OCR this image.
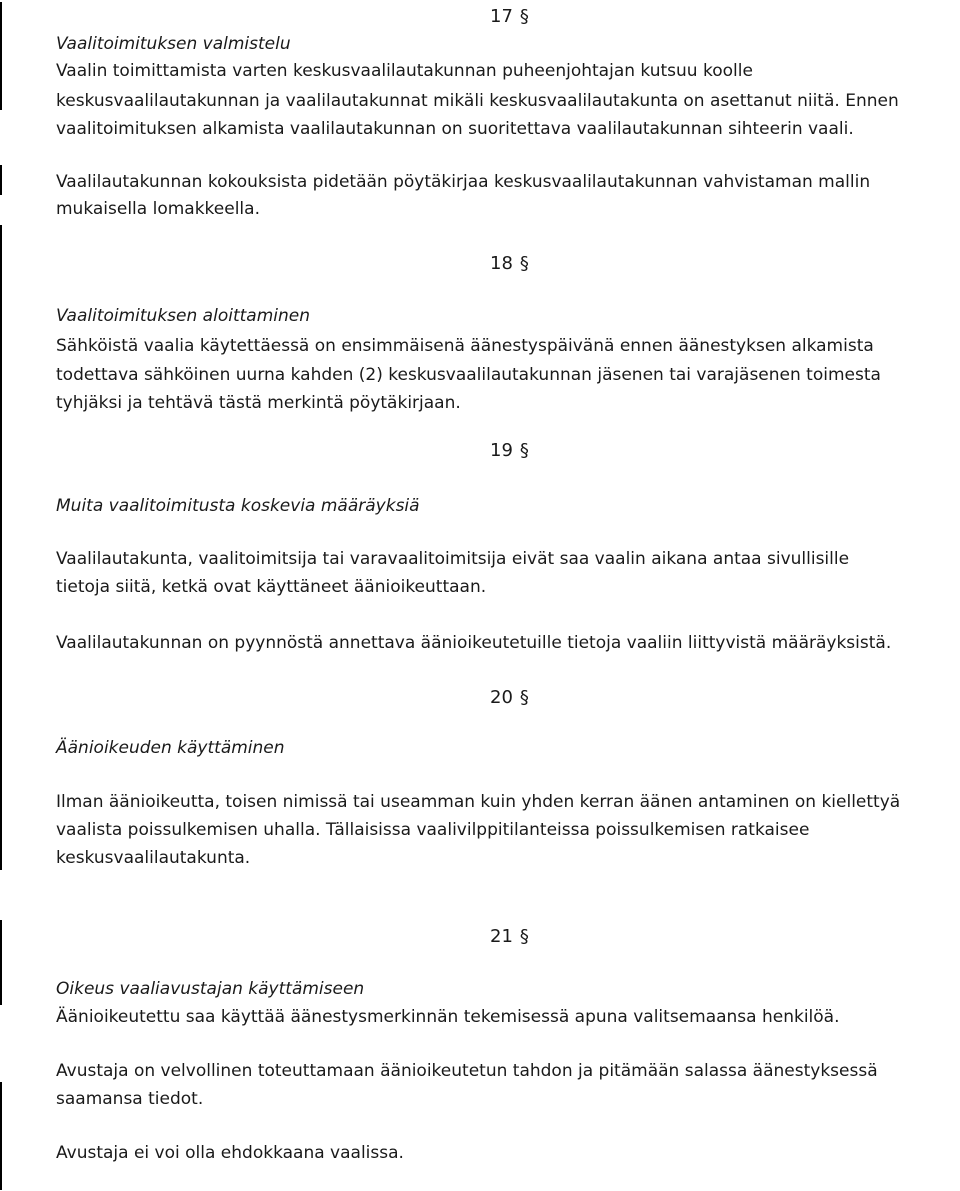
17 §
Vaalitoimituksen valmistelu
Vaalin toimittamista varten keskusvaalilautakunnan puheenjohtajan kutsuu koolle
keskusvaalilautakunnan ja vaalilautakunnat mikäli keskusvaalilautakunta on asettanut niitä. Ennen
vaalitoimituksen alkamista vaalilautakunnan on suoritettava vaalilautakunnan sihteerin vaali.
Vaalilautakunnan kokouksista pidetään pöytäkirjaa keskusvaalilautakunnan vahvistaman mallin
mukaisella lomakkeella.
18 §
Vaalitoimituksen aloittaminen
Sähköistä vaalia käytettäessä on ensimmäisenä äänestyspäivänä ennen äänestyksen alkamista
todettava sähköinen uurna kahden (2) keskusvaalilautakunnan jäsenen tai varajäsenen toimesta
tyhjäksi ja tehtävä tästä merkintä pöytäkirjaan.
19 §
Muita vaalitoimitusta koskevia määräyksiä
Vaalilautakunta, vaalitoimitsija tai varavaalitoimitsija eivät saa vaalin aikana antaa sivullisille
tietoja siitä, ketkä ovat käyttäneet äänioikeuttaan.
Vaalilautakunnan on pyynnöstä annettava äänioikeutetuille tietoja vaaliin liittyvistä määräyksistä.
20 §
Äänioikeuden käyttäminen
Ilman äänioikeutta, toisen nimissä tai useamman kuin yhden kerran äänen antaminen on kiellettyä
vaalista poissulkemisen uhalla. Tällaisissa vaalivilppitilanteissa poissulkemisen ratkaisee
keskusvaalilautakunta.
21 §
Oikeus vaaliavustajan käyttämiseen
Äänioikeutettu saa käyttää äänestysmerkinnän tekemisessä apuna valitsemaansa henkilöä.
Avustaja on velvollinen toteuttamaan äänioikeutetun tahdon ja pitämään salassa äänestyksessä
saamansa tiedot.
Avustaja ei voi olla ehdokkaana vaalissa.
